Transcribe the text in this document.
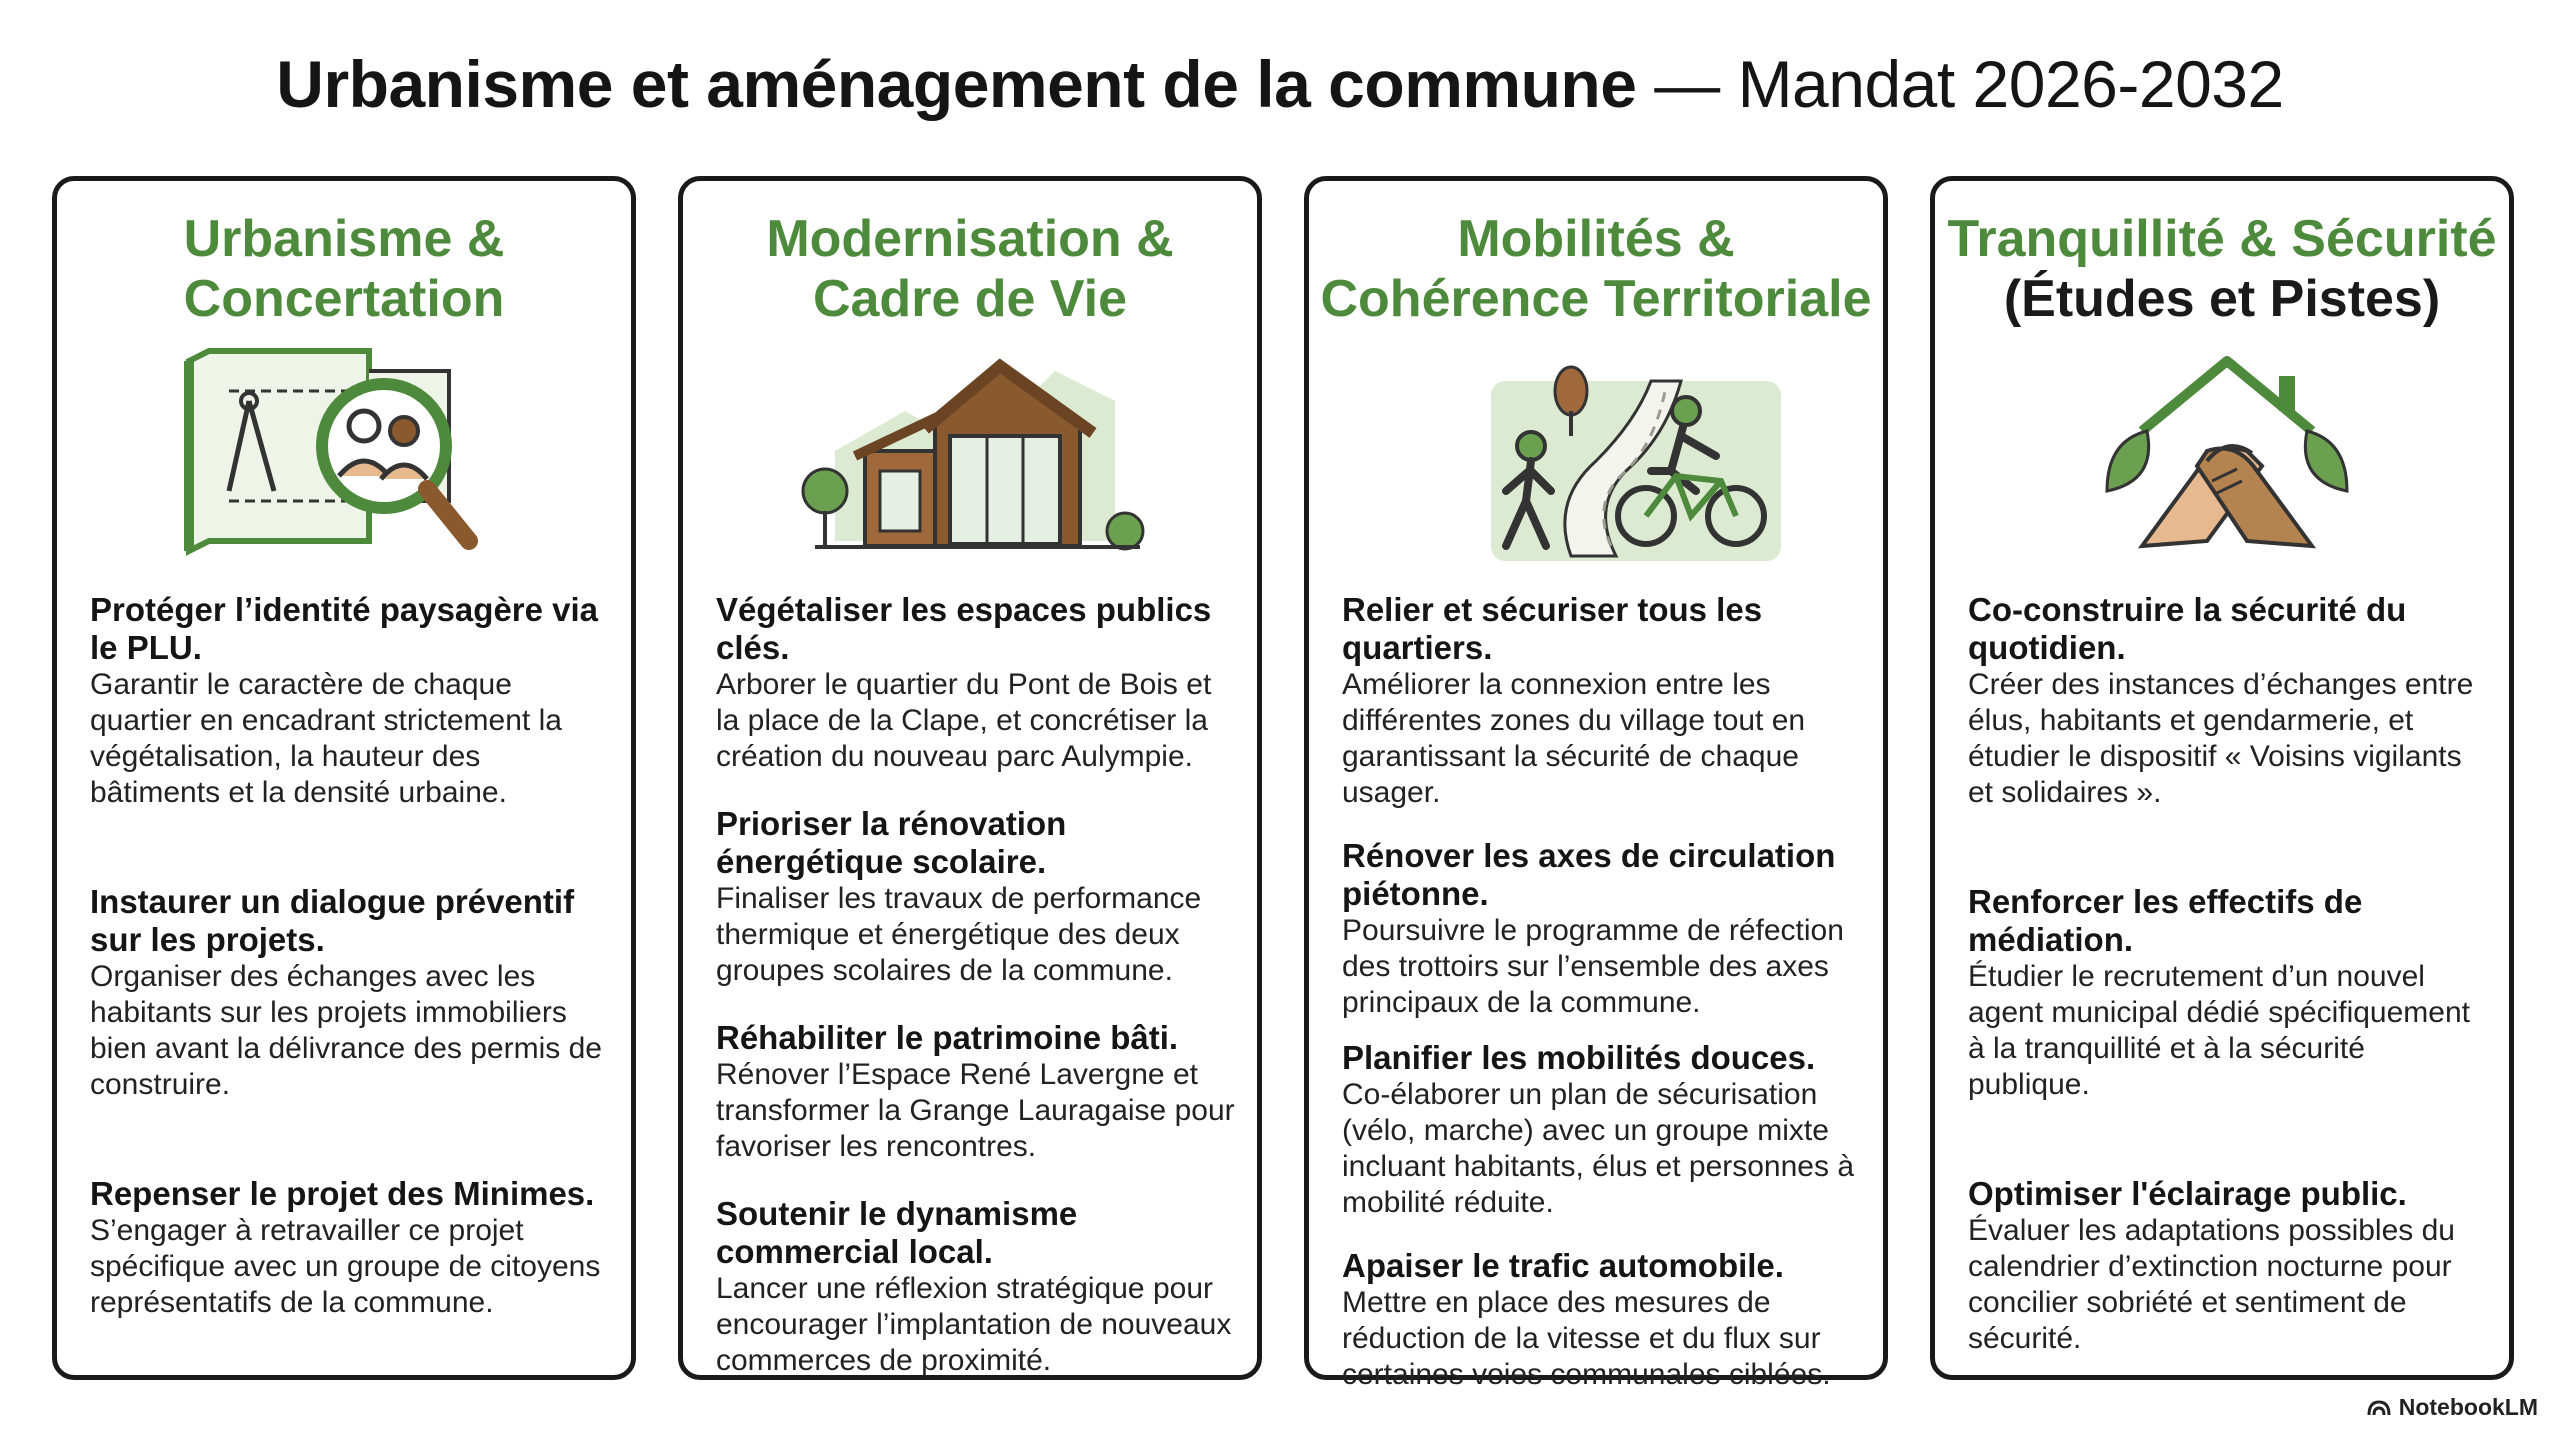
Urbanisme et aménagement de la commune — Mandat 2026-2032
Urbanisme & Concertation
Protéger l’identité paysagère via le PLU.
Garantir le caractère de chaque quartier en encadrant strictement la végétalisation, la hauteur des bâtiments et la densité urbaine.
Instaurer un dialogue préventif sur les projets.
Organiser des échanges avec les habitants sur les projets immobiliers bien avant la délivrance des permis de construire.
Repenser le projet des Minimes.
S’engager à retravailler ce projet spécifique avec un groupe de citoyens représentatifs de la commune.
Modernisation & Cadre de Vie
Végétaliser les espaces publics clés.
Arborer le quartier du Pont de Bois et la place de la Clape, et concrétiser la création du nouveau parc Aulympie.
Prioriser la rénovation énergétique scolaire.
Finaliser les travaux de performance thermique et énergétique des deux groupes scolaires de la commune.
Réhabiliter le patrimoine bâti.
Rénover l’Espace René Lavergne et transformer la Grange Lauragaise pour favoriser les rencontres.
Soutenir le dynamisme commercial local.
Lancer une réflexion stratégique pour encourager l’implantation de nouveaux commerces de proximité.
Mobilités & Cohérence Territoriale
Relier et sécuriser tous les quartiers.
Améliorer la connexion entre les différentes zones du village tout en garantissant la sécurité de chaque usager.
Rénover les axes de circulation piétonne.
Poursuivre le programme de réfection des trottoirs sur l’ensemble des axes principaux de la commune.
Planifier les mobilités douces.
Co-élaborer un plan de sécurisation (vélo, marche) avec un groupe mixte incluant habitants, élus et personnes à mobilité réduite.
Apaiser le trafic automobile.
Mettre en place des mesures de réduction de la vitesse et du flux sur certaines voies communales ciblées.
Tranquillité & Sécurité
(Études et Pistes)
Co-construire la sécurité du quotidien.
Créer des instances d’échanges entre élus, habitants et gendarmerie, et étudier le dispositif « Voisins vigilants et solidaires ».
Renforcer les effectifs de médiation.
Étudier le recrutement d’un nouvel agent municipal dédié spécifiquement à la tranquillité et à la sécurité publique.
Optimiser l'éclairage public.
Évaluer les adaptations possibles du calendrier d’extinction nocturne pour concilier sobriété et sentiment de sécurité.
NotebookLM
